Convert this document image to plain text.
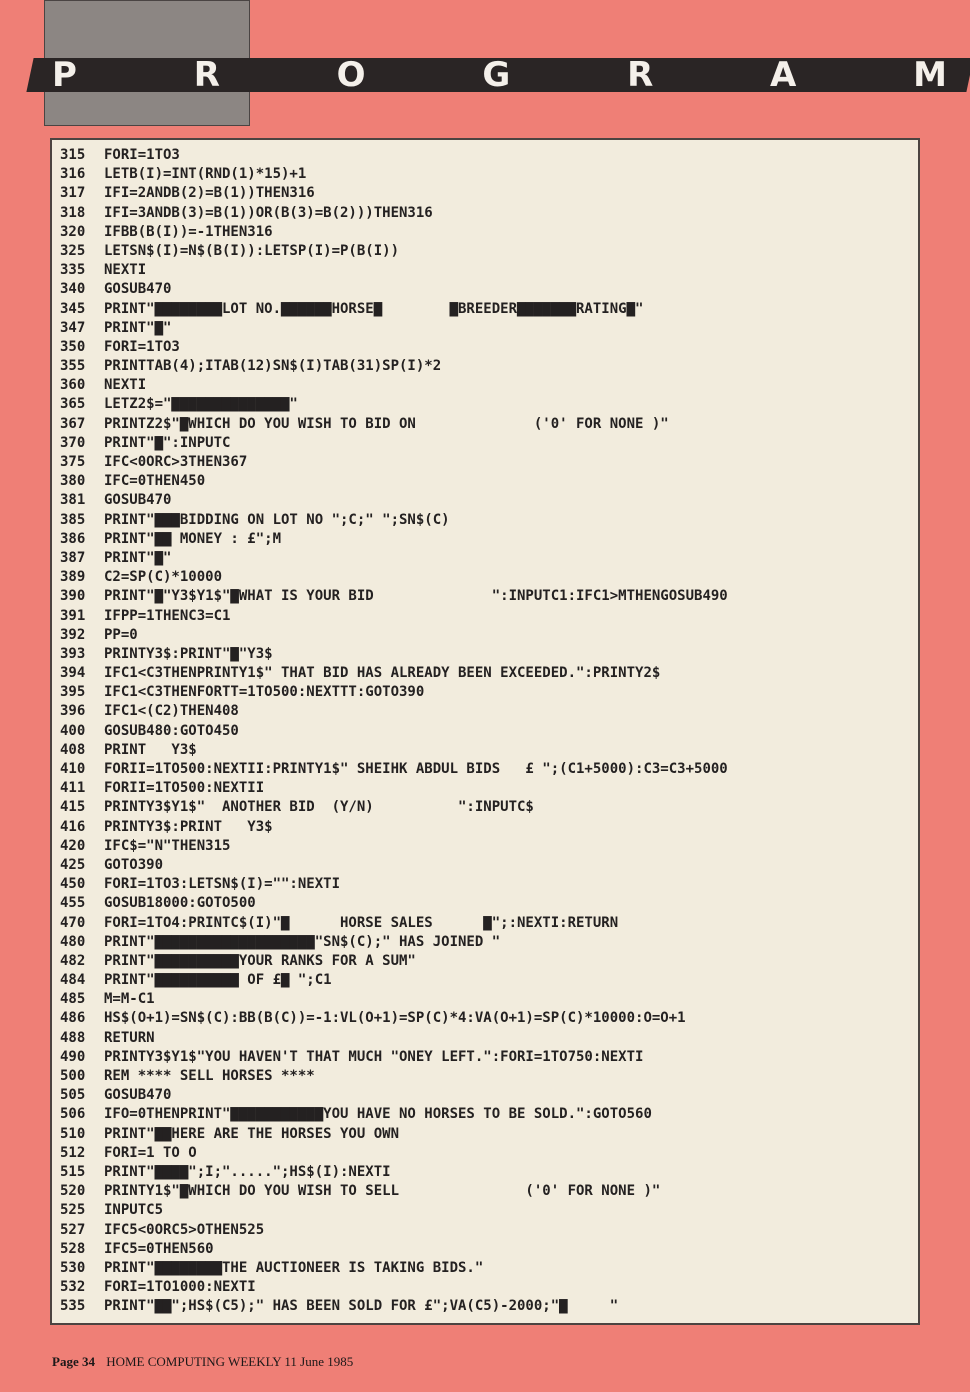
P	R	O	G	R	A	M
315 FORI=1TO3
316 LETB(I)=INT(RND(1)*15)+1
317 IFI=2ANDB(2)=B(1))THEN316
318 IFI=3ANDB(3)=B(1))OR(B(3)=B(2)))THEN316
320 IFBB(B(I))=-1THEN316
325 LETSN$(I)=N$(B(I)):LETSP(I)=P(B(I))
335 NEXTI
340 GOSUB470
345 PRINT"▇▇▇▇▇▇▇▇LOT NO.▇▇▇▇▇▇HORSE▇        ▇BREEDER▇▇▇▇▇▇▇RATING▇"
347 PRINT"▇"
350 FORI=1TO3
355 PRINTTAB(4);ITAB(12)SN$(I)TAB(31)SP(I)*2
360 NEXTI
365 LETZ2$="▇▇▇▇▇▇▇▇▇▇▇▇▇▇"
367 PRINTZ2$"▇WHICH DO YOU WISH TO BID ON              ('0' FOR NONE )"
370 PRINT"▇":INPUTC
375 IFC<0ORC>3THEN367
380 IFC=0THEN450
381 GOSUB470
385 PRINT"▇▇▇BIDDING ON LOT NO ";C;" ";SN$(C)
386 PRINT"▇▇ MONEY : £";M
387 PRINT"▇"
389 C2=SP(C)*10000
390 PRINT"▇"Y3$Y1$"▇WHAT IS YOUR BID              ":INPUTC1:IFC1>MTHENGOSUB490
391 IFPP=1THENC3=C1
392 PP=0
393 PRINTY3$:PRINT"▇"Y3$
394 IFC1<C3THENPRINTY1$" THAT BID HAS ALREADY BEEN EXCEEDED.":PRINTY2$
395 IFC1<C3THENFORTT=1TO500:NEXTTT:GOTO390
396 IFC1<(C2)THEN408
400 GOSUB480:GOTO450
408 PRINT   Y3$
410 FORII=1TO500:NEXTII:PRINTY1$" SHEIHK ABDUL BIDS   £ ";(C1+5000):C3=C3+5000
411 FORII=1TO500:NEXTII
415 PRINTY3$Y1$"  ANOTHER BID  (Y/N)          ":INPUTC$
416 PRINTY3$:PRINT   Y3$
420 IFC$="N"THEN315
425 GOTO390
450 FORI=1TO3:LETSN$(I)="":NEXTI
455 GOSUB18000:GOTO500
470 FORI=1TO4:PRINTC$(I)"▇      HORSE SALES      ▇";:NEXTI:RETURN
480 PRINT"▇▇▇▇▇▇▇▇▇▇▇▇▇▇▇▇▇▇▇"SN$(C);" HAS JOINED "
482 PRINT"▇▇▇▇▇▇▇▇▇▇YOUR RANKS FOR A SUM"
484 PRINT"▇▇▇▇▇▇▇▇▇▇ OF £▇ ";C1
485 M=M-C1
486 HS$(O+1)=SN$(C):BB(B(C))=-1:VL(O+1)=SP(C)*4:VA(O+1)=SP(C)*10000:O=O+1
488 RETURN
490 PRINTY3$Y1$"YOU HAVEN'T THAT MUCH "ONEY LEFT.":FORI=1TO750:NEXTI
500 REM **** SELL HORSES ****
505 GOSUB470
506 IFO=0THENPRINT"▇▇▇▇▇▇▇▇▇▇▇YOU HAVE NO HORSES TO BE SOLD.":GOTO560
510 PRINT"▇▇HERE ARE THE HORSES YOU OWN
512 FORI=1 TO O
515 PRINT"▇▇▇▇";I;".....";HS$(I):NEXTI
520 PRINTY1$"▇WHICH DO YOU WISH TO SELL               ('0' FOR NONE )"
525 INPUTC5
527 IFC5<0ORC5>OTHEN525
528 IFC5=0THEN560
530 PRINT"▇▇▇▇▇▇▇▇THE AUCTIONEER IS TAKING BIDS."
532 FORI=1TO1000:NEXTI
535 PRINT"▇▇";HS$(C5);" HAS BEEN SOLD FOR £";VA(C5)-2000;"▇     "
Page 34 HOME COMPUTING WEEKLY 11 June 1985
